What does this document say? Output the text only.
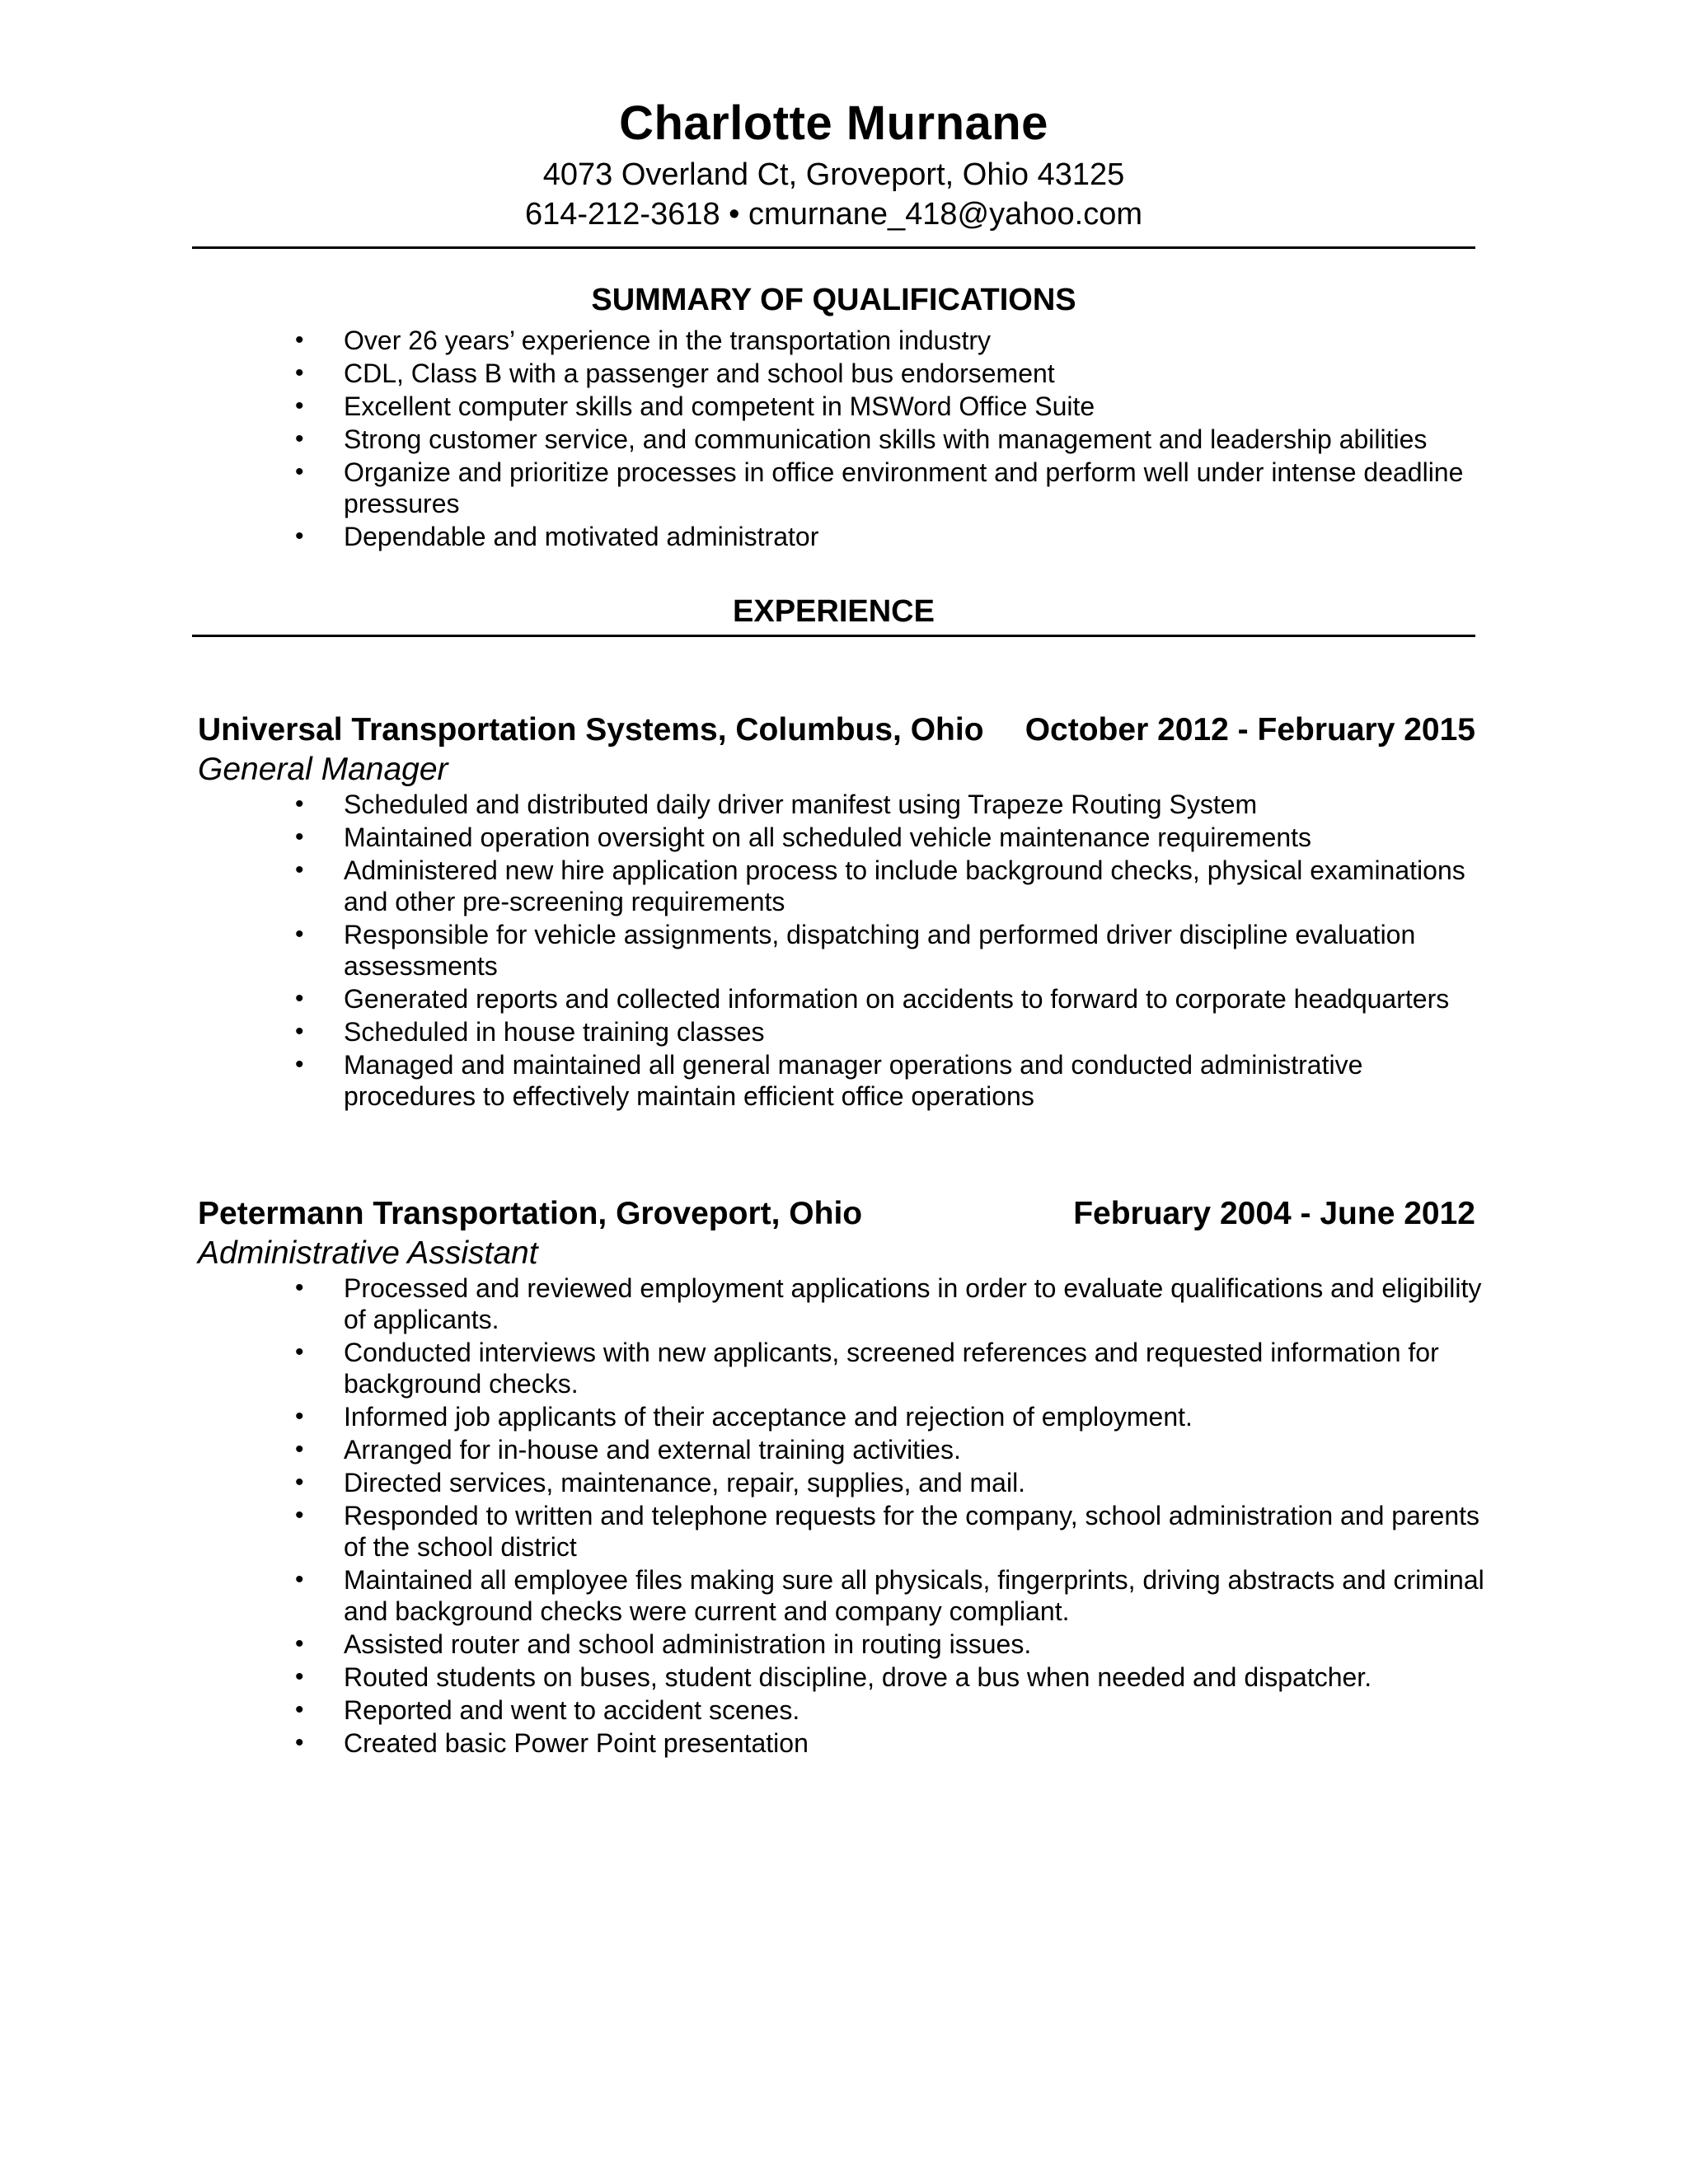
Charlotte Murnane
4073 Overland Ct, Groveport, Ohio 43125
614-212-3618 • cmurnane_418@yahoo.com
SUMMARY OF QUALIFICATIONS
• Over 26 years’ experience in the transportation industry
• CDL, Class B with a passenger and school bus endorsement
• Excellent computer skills and competent in MSWord Office Suite
• Strong customer service, and communication skills with management and leadership abilities
• Organize and prioritize processes in office environment and perform well under intense deadline pressures
• Dependable and motivated administrator
EXPERIENCE
Universal Transportation Systems, Columbus, Ohio October 2012 - February 2015
General Manager
• Scheduled and distributed daily driver manifest using Trapeze Routing System
• Maintained operation oversight on all scheduled vehicle maintenance requirements
• Administered new hire application process to include background checks, physical examinations and other pre-screening requirements
• Responsible for vehicle assignments, dispatching and performed driver discipline evaluation assessments
• Generated reports and collected information on accidents to forward to corporate headquarters
• Scheduled in house training classes
• Managed and maintained all general manager operations and conducted administrative procedures to effectively maintain efficient office operations
Petermann Transportation, Groveport, Ohio	February 2004 - June 2012
Administrative Assistant
• Processed and reviewed employment applications in order to evaluate qualifications and eligibility of applicants.
• Conducted interviews with new applicants, screened references and requested information for background checks.
• Informed job applicants of their acceptance and rejection of employment.
• Arranged for in-house and external training activities.
• Directed services, maintenance, repair, supplies, and mail.
• Responded to written and telephone requests for the company, school administration and parents of the school district
• Maintained all employee files making sure all physicals, fingerprints, driving abstracts and criminal and background checks were current and company compliant.
• Assisted router and school administration in routing issues.
• Routed students on buses, student discipline, drove a bus when needed and dispatcher.
• Reported and went to accident scenes.
• Created basic Power Point presentation
